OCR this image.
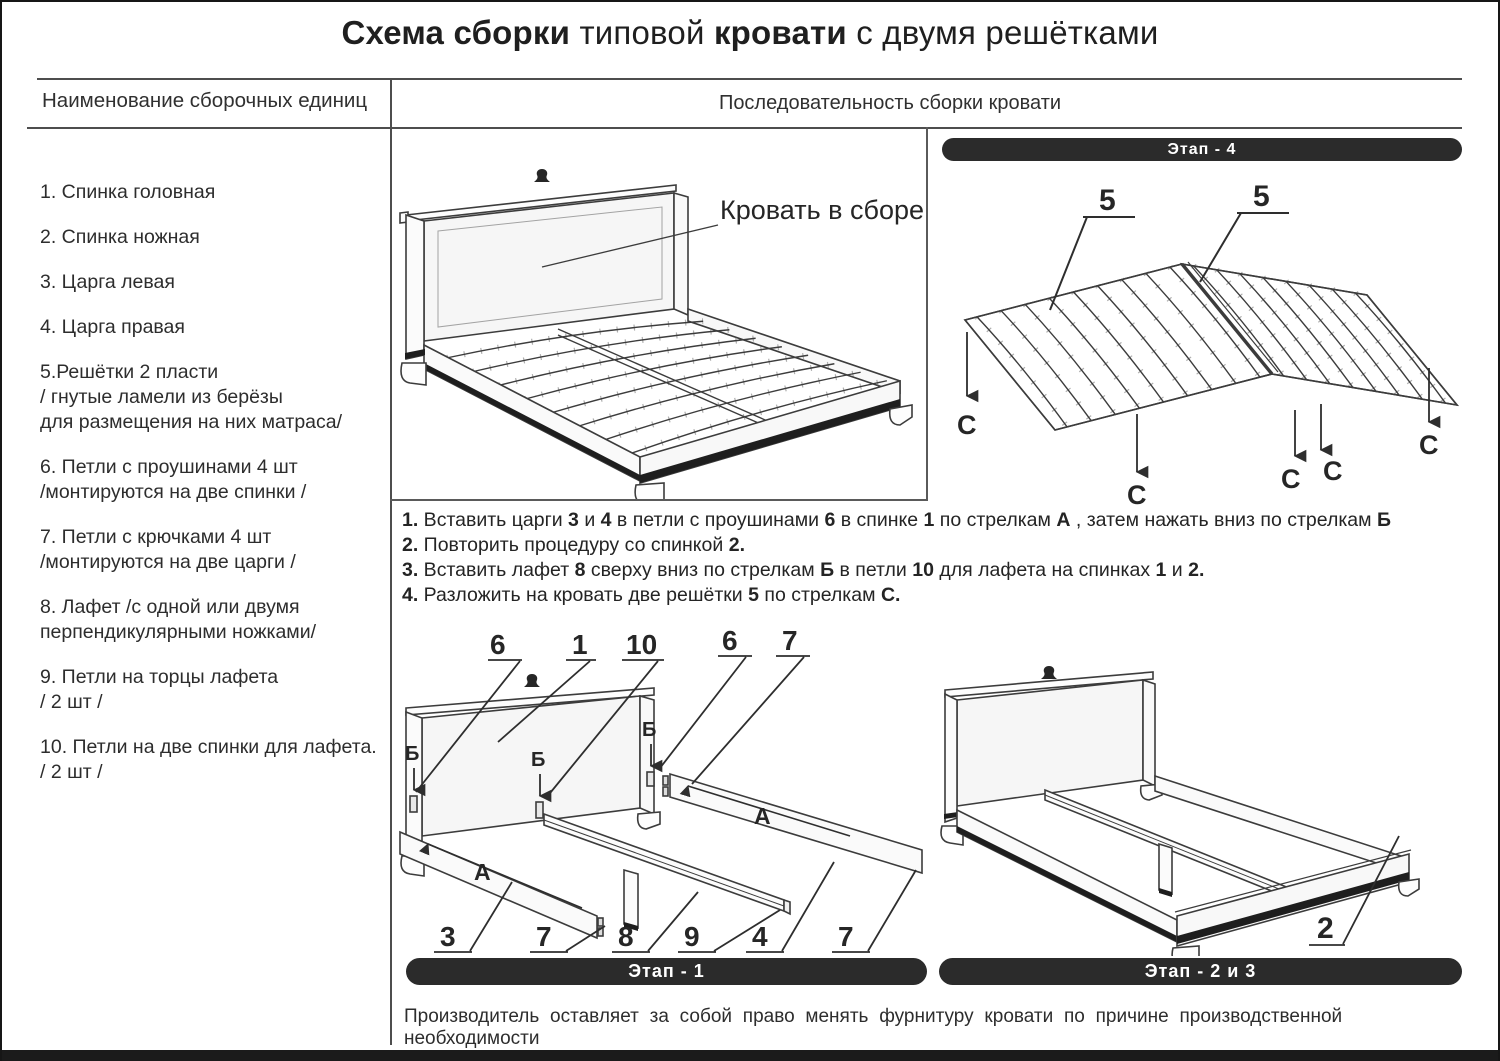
Схема сборки типовой кровати с двумя решётками
Наименование сборочных единиц	Последовательность сборки кровати
1. Спинка головная
2. Спинка ножная
3. Царга левая
4. Царга правая
5.Решётки 2 пласти
/ гнутые ламели из берёзы
для размещения на них матраса/
6. Петли с проушинами 4 шт
/монтируются на две спинки /
7. Петли с крючками 4 шт
/монтируются на две царги /
8. Лафет /с одной или двумя
перпендикулярными ножками/
9. Петли на торцы лафета
/ 2 шт /
10. Петли на две спинки для лафета.
/ 2 шт /
Кровать в сборе
Этап - 4
5	5
С
С
С С
С
1. Вставить царги 3 и 4 в петли с проушинами 6 в спинке 1 по стрелкам А , затем нажать вниз по стрелкам Б
2. Повторить процедуру со спинкой 2.
3. Вставить лафет 8 сверху вниз по стрелкам Б в петли 10 для лафета на спинках 1 и 2.
4. Разложить на кровать две решётки 5 по стрелкам С.
6 1 10 6 7
Б	Б
Б
А
А
3	7 8 9 4	7	2
Этап - 1	Этап - 2 и 3
Производитель оставляет за собой право менять фурнитуру кровати по причине производственной необходимости
